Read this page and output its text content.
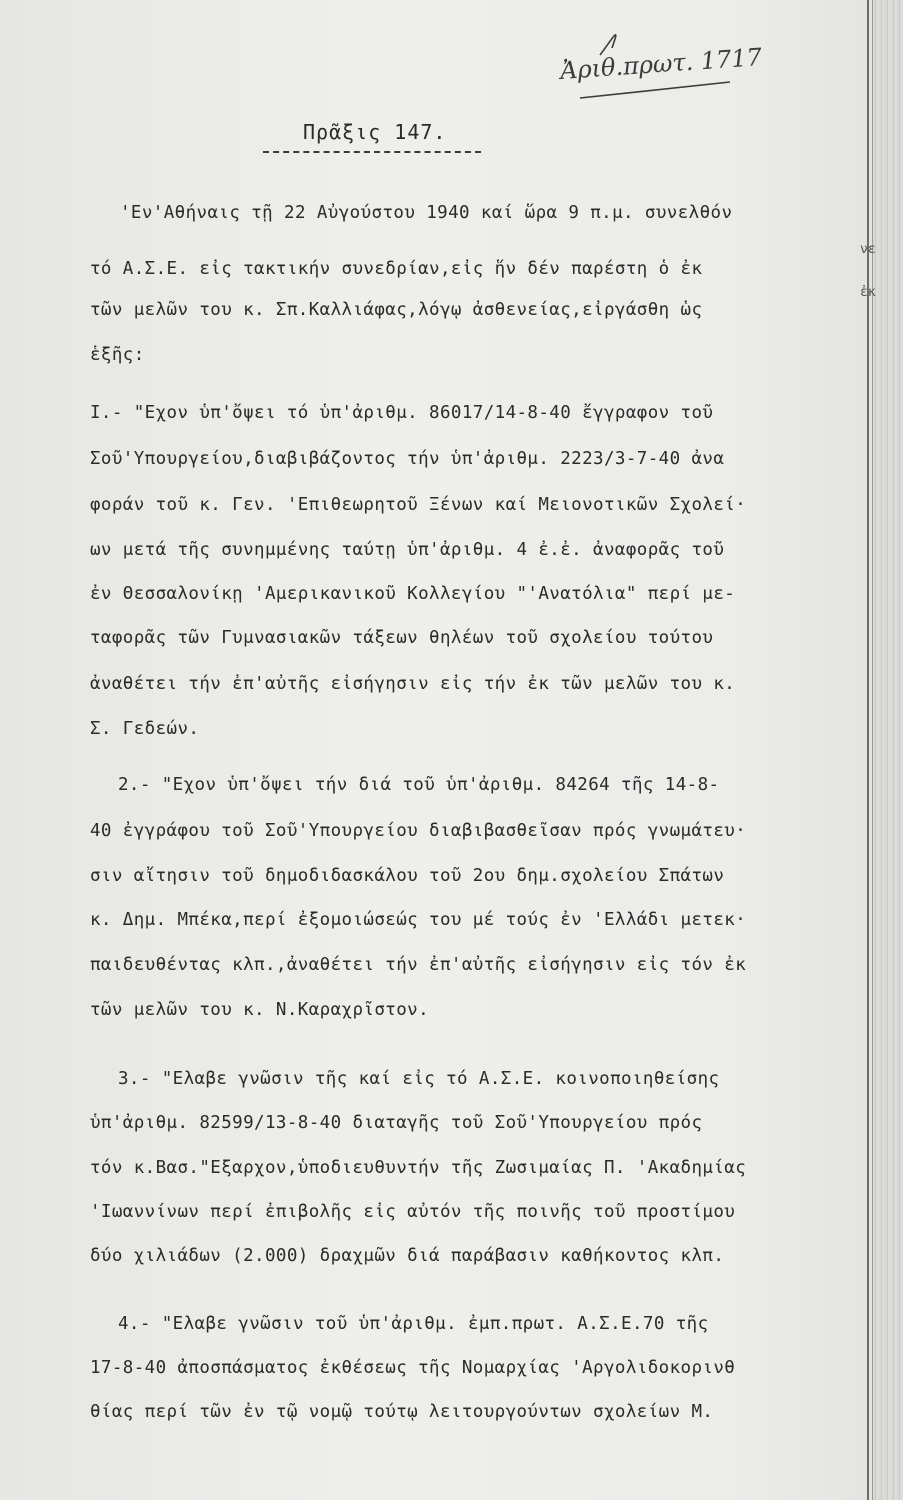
Ἀριθ.πρωτ. 1717
Πρᾶξις 147.
'Εν'Αθήναις τῇ 22 Αὐγούστου 1940 καί ὥρα 9 π.μ. συνελθόν
τό Α.Σ.Ε. εἰς τακτικήν συνεδρίαν,εἰς ἥν δέν παρέστη ὁ ἐκ
τῶν μελῶν του κ. Σπ.Καλλιάφας,λόγῳ ἀσθενείας,εἰργάσθη ὡς
ἑξῆς:
I.- "Εχον ὑπ'ὄψει τό ὑπ'ἀριθμ. 86017/14-8-40 ἔγγραφον τοῦ
Σοῦ'Υπουργείου,διαβιβάζοντος τήν ὑπ'ἀριθμ. 2223/3-7-40 ἀνα
φοράν τοῦ κ. Γεν. 'Επιθεωρητοῦ Ξένων καί Μειονοτικῶν Σχολεί·
ων μετά τῆς συνημμένης ταύτῃ ὑπ'ἀριθμ. 4 ἐ.ἐ. ἀναφορᾶς τοῦ
ἐν Θεσσαλονίκῃ 'Αμερικανικοῦ Κολλεγίου "'Ανατόλια" περί με-
ταφορᾶς τῶν Γυμνασιακῶν τάξεων θηλέων τοῦ σχολείου τούτου
ἀναθέτει τήν ἐπ'αὐτῆς εἰσήγησιν εἰς τήν ἐκ τῶν μελῶν του κ.
Σ. Γεδεών.
2.- "Εχον ὑπ'ὄψει τήν διά τοῦ ὑπ'ἀριθμ. 84264 τῆς 14-8-
40 ἐγγράφου τοῦ Σοῦ'Υπουργείου διαβιβασθεῖσαν πρός γνωμάτευ·
σιν αἴτησιν τοῦ δημοδιδασκάλου τοῦ 2ου δημ.σχολείου Σπάτων
κ. Δημ. Μπέκα,περί ἐξομοιώσεώς του μέ τούς ἐν 'Ελλάδι μετεκ·
παιδευθέντας κλπ.,ἀναθέτει τήν ἐπ'αὐτῆς εἰσήγησιν εἰς τόν ἐκ
τῶν μελῶν του κ. Ν.Καραχρῖστον.
3.- "Ελαβε γνῶσιν τῆς καί εἰς τό Α.Σ.Ε. κοινοποιηθείσης
ὑπ'ἀριθμ. 82599/13-8-40 διαταγῆς τοῦ Σοῦ'Υπουργείου πρός
τόν κ.Βασ."Εξαρχον,ὑποδιευθυντήν τῆς Ζωσιμαίας Π. 'Ακαδημίας
'Ιωαννίνων περί ἐπιβολῆς εἰς αὐτόν τῆς ποινῆς τοῦ προστίμου
δύο χιλιάδων (2.000) δραχμῶν διά παράβασιν καθήκοντος κλπ.
4.- "Ελαβε γνῶσιν τοῦ ὑπ'ἀριθμ. ἐμπ.πρωτ. Α.Σ.Ε.70 τῆς
17-8-40 ἀποσπάσματος ἐκθέσεως τῆς Νομαρχίας 'Αργολιδοκορινθ
θίας περί τῶν ἐν τῷ νομῷ τούτῳ λειτουργούντων σχολείων Μ.
νε
ἐκ
